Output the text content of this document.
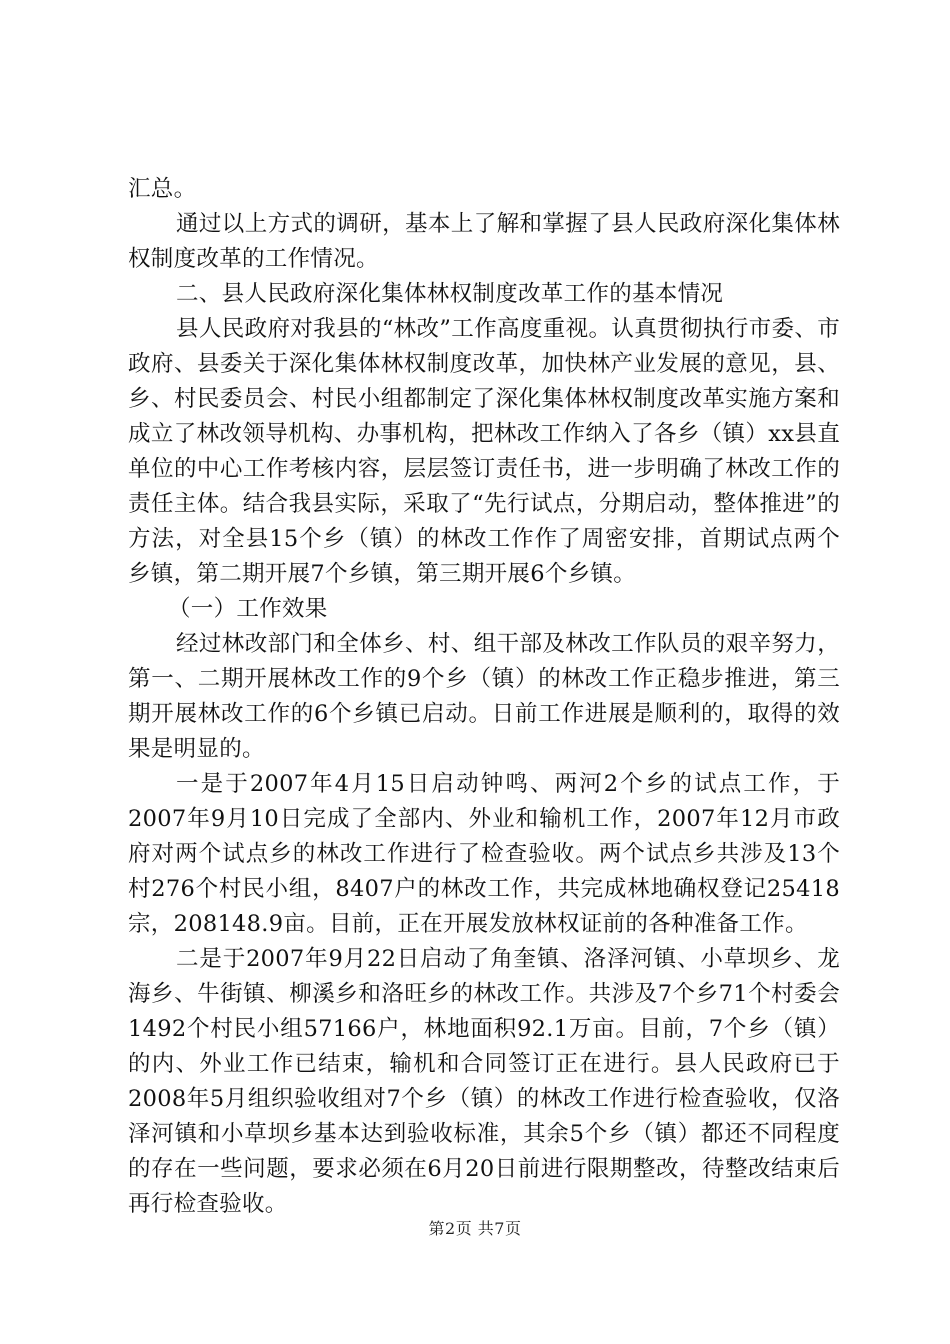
汇总。

通过以上方式的调研，基本上了解和掌握了县人民政府深化集体林权制度改革的工作情况。

二、县人民政府深化集体林权制度改革工作的基本情况

县人民政府对我县的“林改”工作高度重视。认真贯彻执行市委、市政府、县委关于深化集体林权制度改革，加快林产业发展的意见，县、乡、村民委员会、村民小组都制定了深化集体林权制度改革实施方案和成立了林改领导机构、办事机构，把林改工作纳入了各乡（镇）xx县直单位的中心工作考核内容，层层签订责任书，进一步明确了林改工作的责任主体。结合我县实际，采取了“先行试点，分期启动，整体推进”的方法，对全县15个乡（镇）的林改工作作了周密安排，首期试点两个乡镇，第二期开展7个乡镇，第三期开展6个乡镇。

（一）工作效果

经过林改部门和全体乡、村、组干部及林改工作队员的艰辛努力，第一、二期开展林改工作的9个乡（镇）的林改工作正稳步推进，第三期开展林改工作的6个乡镇已启动。日前工作进展是顺利的，取得的效果是明显的。

一是于2007年4月15日启动钟鸣、两河2个乡的试点工作，于2007年9月10日完成了全部内、外业和输机工作，2007年12月市政府对两个试点乡的林改工作进行了检查验收。两个试点乡共涉及13个村276个村民小组，8407户的林改工作，共完成林地确权登记25418宗，208148.9亩。目前，正在开展发放林权证前的各种准备工作。

二是于2007年9月22日启动了角奎镇、洛泽河镇、小草坝乡、龙海乡、牛街镇、柳溪乡和洛旺乡的林改工作。共涉及7个乡71个村委会1492个村民小组57166户，林地面积92.1万亩。目前，7个乡（镇）的内、外业工作已结束，输机和合同签订正在进行。县人民政府已于2008年5月组织验收组对7个乡（镇）的林改工作进行检查验收，仅洛泽河镇和小草坝乡基本达到验收标准，其余5个乡（镇）都还不同程度的存在一些问题，要求必须在6月20日前进行限期整改，待整改结束后再行检查验收。

第2页 共7页
